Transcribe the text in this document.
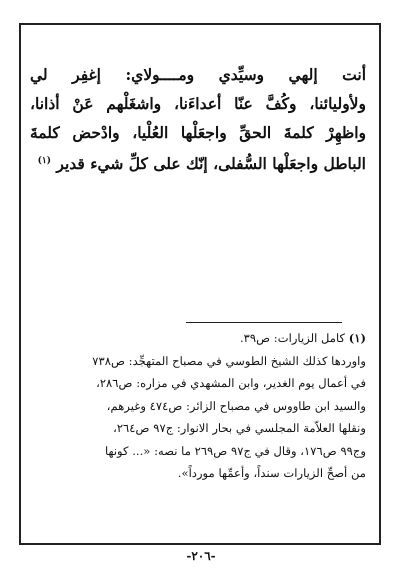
أنت إلهي وسيِّدي ومــــولاي: إغفِر لي
ولأوليائنا، وكُفَّ عنّا أعداءَنا، واشغَلْهم عَنْ أذانا،
واظهِرْ كلمةَ الحقِّ واجعَلْها العُلْيا، وادْحض كلمةَ
الباطل واجعَلْها السُّفلى، إنّك على كلِّ شيء قدير $^{(١)}$
(١) كامل الزيارات: ص٣٩.
واوردها كذلك الشيخ الطوسي في مصباح المتهجِّد: ص٧٣٨
في أعمال يوم الغدير، وابن المشهدي في مزاره: ص٢٨٦،
والسيد ابن طاووس في مصباح الزائر: ص٤٧٤ وغيرهم،
ونقلها العلاّمة المجلسي في بحار الانوار: ج٩٧ ص٢٦٤،
وج٩٩ ص١٧٦، وقال في ج٩٧ ص٢٦٩ ما نصه: «... كونها
من أصحِّ الزيارات سنداً، وأعمِّها مورداً».
-٢٠٦-
